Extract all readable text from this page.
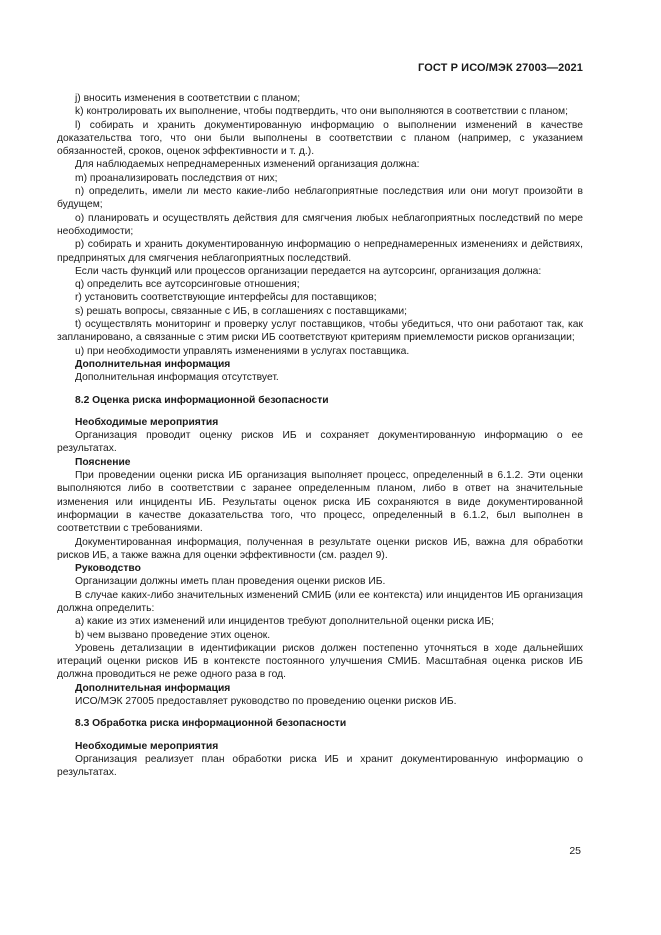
ГОСТ Р ИСО/МЭК 27003—2021

j) вносить изменения в соответствии с планом;

k) контролировать их выполнение, чтобы подтвердить, что они выполняются в соответствии с планом;

l) собирать и хранить документированную информацию о выполнении изменений в качестве доказательства того, что они были выполнены в соответствии с планом (например, с указанием обязанностей, сроков, оценок эффективности и т. д.).

Для наблюдаемых непреднамеренных изменений организация должна:

m) проанализировать последствия от них;

n) определить, имели ли место какие-либо неблагоприятные последствия или они могут произойти в будущем;

o) планировать и осуществлять действия для смягчения любых неблагоприятных последствий по мере необходимости;

p) собирать и хранить документированную информацию о непреднамеренных изменениях и действиях, предпринятых для смягчения неблагоприятных последствий.

Если часть функций или процессов организации передается на аутсорсинг, организация должна:

q) определить все аутсорсинговые отношения;

r) установить соответствующие интерфейсы для поставщиков;

s) решать вопросы, связанные с ИБ, в соглашениях с поставщиками;

t) осуществлять мониторинг и проверку услуг поставщиков, чтобы убедиться, что они работают так, как запланировано, а связанные с этим риски ИБ соответствуют критериям приемлемости рисков организации;

u) при необходимости управлять изменениями в услугах поставщика.

Дополнительная информация

Дополнительная информация отсутствует.

8.2 Оценка риска информационной безопасности

Необходимые мероприятия

Организация проводит оценку рисков ИБ и сохраняет документированную информацию о ее результатах.

Пояснение

При проведении оценки риска ИБ организация выполняет процесс, определенный в 6.1.2. Эти оценки выполняются либо в соответствии с заранее определенным планом, либо в ответ на значительные изменения или инциденты ИБ. Результаты оценок риска ИБ сохраняются в виде документированной информации в качестве доказательства того, что процесс, определенный в 6.1.2, был выполнен в соответствии с требованиями.

Документированная информация, полученная в результате оценки рисков ИБ, важна для обработки рисков ИБ, а также важна для оценки эффективности (см. раздел 9).

Руководство

Организации должны иметь план проведения оценки рисков ИБ.

В случае каких-либо значительных изменений СМИБ (или ее контекста) или инцидентов ИБ организация должна определить:

a) какие из этих изменений или инцидентов требуют дополнительной оценки риска ИБ;

b) чем вызвано проведение этих оценок.

Уровень детализации в идентификации рисков должен постепенно уточняться в ходе дальнейших итераций оценки рисков ИБ в контексте постоянного улучшения СМИБ. Масштабная оценка рисков ИБ должна проводиться не реже одного раза в год.

Дополнительная информация

ИСО/МЭК 27005 предоставляет руководство по проведению оценки рисков ИБ.

8.3 Обработка риска информационной безопасности

Необходимые мероприятия

Организация реализует план обработки риска ИБ и хранит документированную информацию о результатах.

25
